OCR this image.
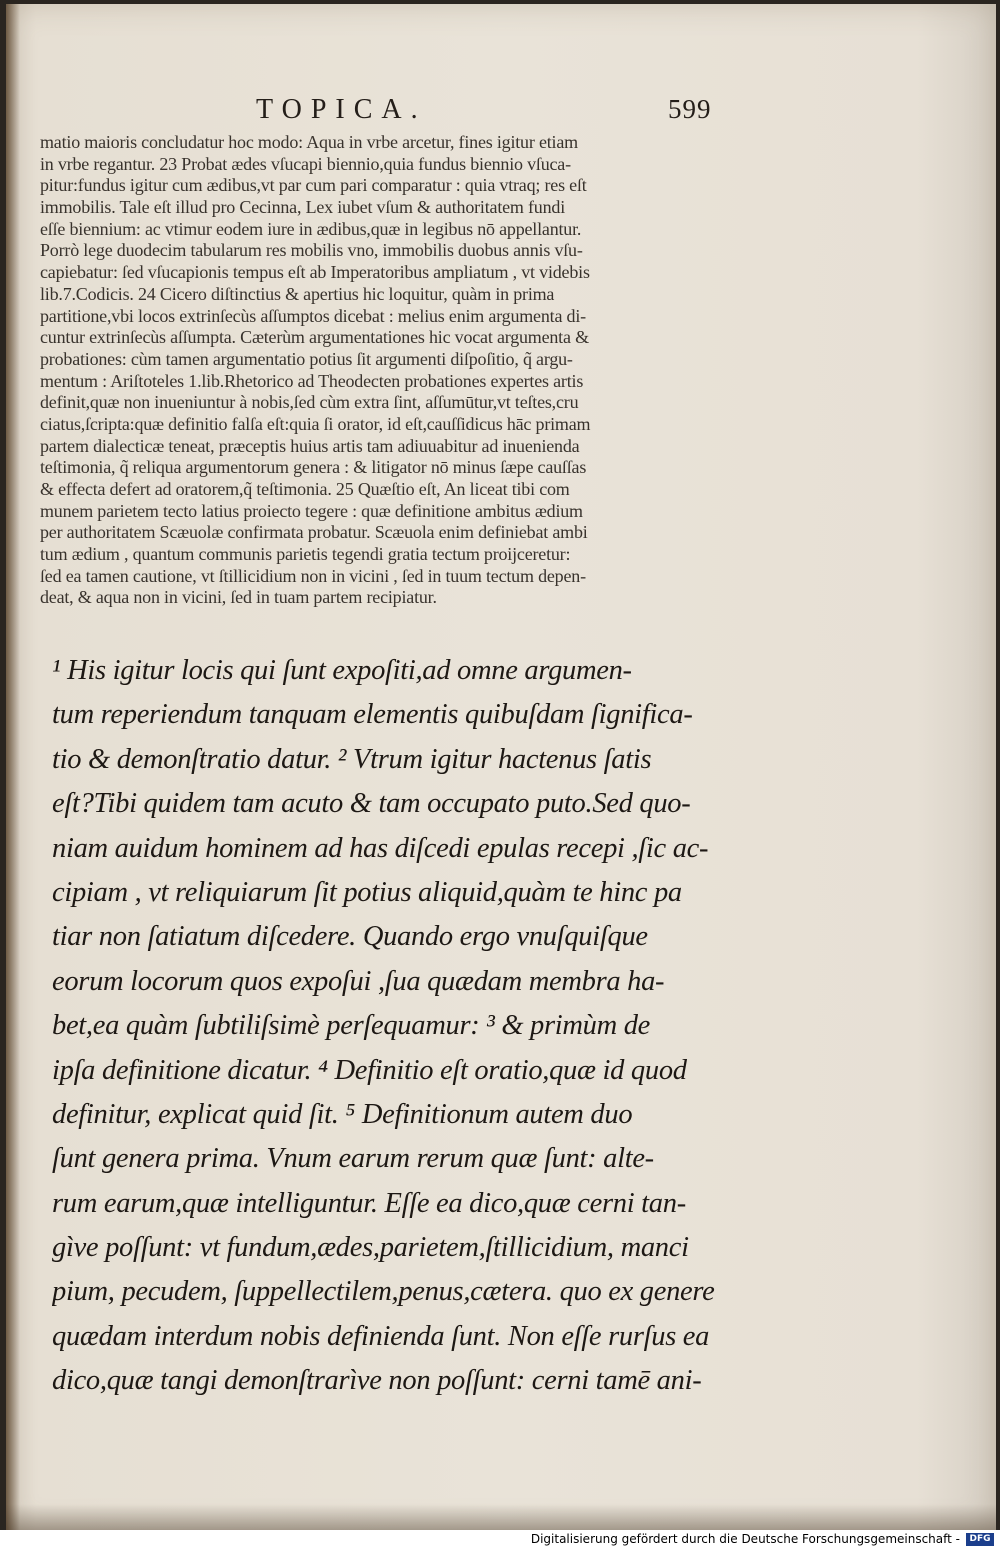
TOPICA.	599
matio maioris concludatur hoc modo: Aqua in vrbe arcetur, fines igitur etiam
in vrbe regantur. 23 Probat ædes vſucapi biennio,quia fundus biennio vſuca-
pitur:fundus igitur cum ædibus,vt par cum pari comparatur : quia vtraq; res eſt
immobilis. Tale eſt illud pro Cecinna, Lex iubet vſum & authoritatem fundi
eſſe biennium: ac vtimur eodem iure in ædibus,quæ in legibus nō appellantur.
Porrò lege duodecim tabularum res mobilis vno, immobilis duobus annis vſu-
capiebatur: ſed vſucapionis tempus eſt ab Imperatoribus ampliatum , vt videbis
lib.7.Codicis. 24 Cicero diſtinctius & apertius hic loquitur, quàm in prima
partitione,vbi locos extrinſecùs aſſumptos dicebat : melius enim argumenta di-
cuntur extrinſecùs aſſumpta. Cæterùm argumentationes hic vocat argumenta &
probationes: cùm tamen argumentatio potius ſit argumenti diſpoſitio, q̃ argu-
mentum : Ariſtoteles 1.lib.Rhetorico ad Theodecten probationes expertes artis
definit,quæ non inueniuntur à nobis,ſed cùm extra ſint, aſſumūtur,vt teſtes,cru
ciatus,ſcripta:quæ definitio falſa eſt:quia ſi orator, id eſt,cauſſidicus hāc primam
partem dialecticæ teneat, præceptis huius artis tam adiuuabitur ad inuenienda
teſtimonia, q̃ reliqua argumentorum genera : & litigator nō minus ſæpe cauſſas
& effecta defert ad oratorem,q̃ teſtimonia. 25 Quæſtio eſt, An liceat tibi com
munem parietem tecto latius proiecto tegere : quæ definitione ambitus ædium
per authoritatem Scæuolæ confirmata probatur. Scæuola enim definiebat ambi
tum ædium , quantum communis parietis tegendi gratia tectum proijceretur:
ſed ea tamen cautione, vt ſtillicidium non in vicini , ſed in tuum tectum depen-
deat, & aqua non in vicini, ſed in tuam partem recipiatur.
¹ His igitur locis qui ſunt expoſiti,ad omne argumen-
tum reperiendum tanquam elementis quibuſdam ſignifica-
tio & demonſtratio datur. ² Vtrum igitur hactenus ſatis
eſt?Tibi quidem tam acuto & tam occupato puto.Sed quo-
niam auidum hominem ad has diſcedi epulas recepi ,ſic ac-
cipiam , vt reliquiarum ſit potius aliquid,quàm te hinc pa
tiar non ſatiatum diſcedere. Quando ergo vnuſquiſque
eorum locorum quos expoſui ,ſua quædam membra ha-
bet,ea quàm ſubtiliſsimè perſequamur: ³ & primùm de
ipſa definitione dicatur. ⁴ Definitio eſt oratio,quæ id quod
definitur, explicat quid ſit. ⁵ Definitionum autem duo
ſunt genera prima. Vnum earum rerum quæ ſunt: alte-
rum earum,quæ intelliguntur. Eſſe ea dico,quæ cerni tan-
gìve poſſunt: vt fundum,ædes,parietem,ſtillicidium, manci
pium, pecudem, ſuppellectilem,penus,cætera. quo ex genere
quædam interdum nobis definienda ſunt. Non eſſe rurſus ea
dico,quæ tangi demonſtrarìve non poſſunt: cerni tamē ani-
Digitalisierung gefördert durch die Deutsche Forschungsgemeinschaft -	DFG
